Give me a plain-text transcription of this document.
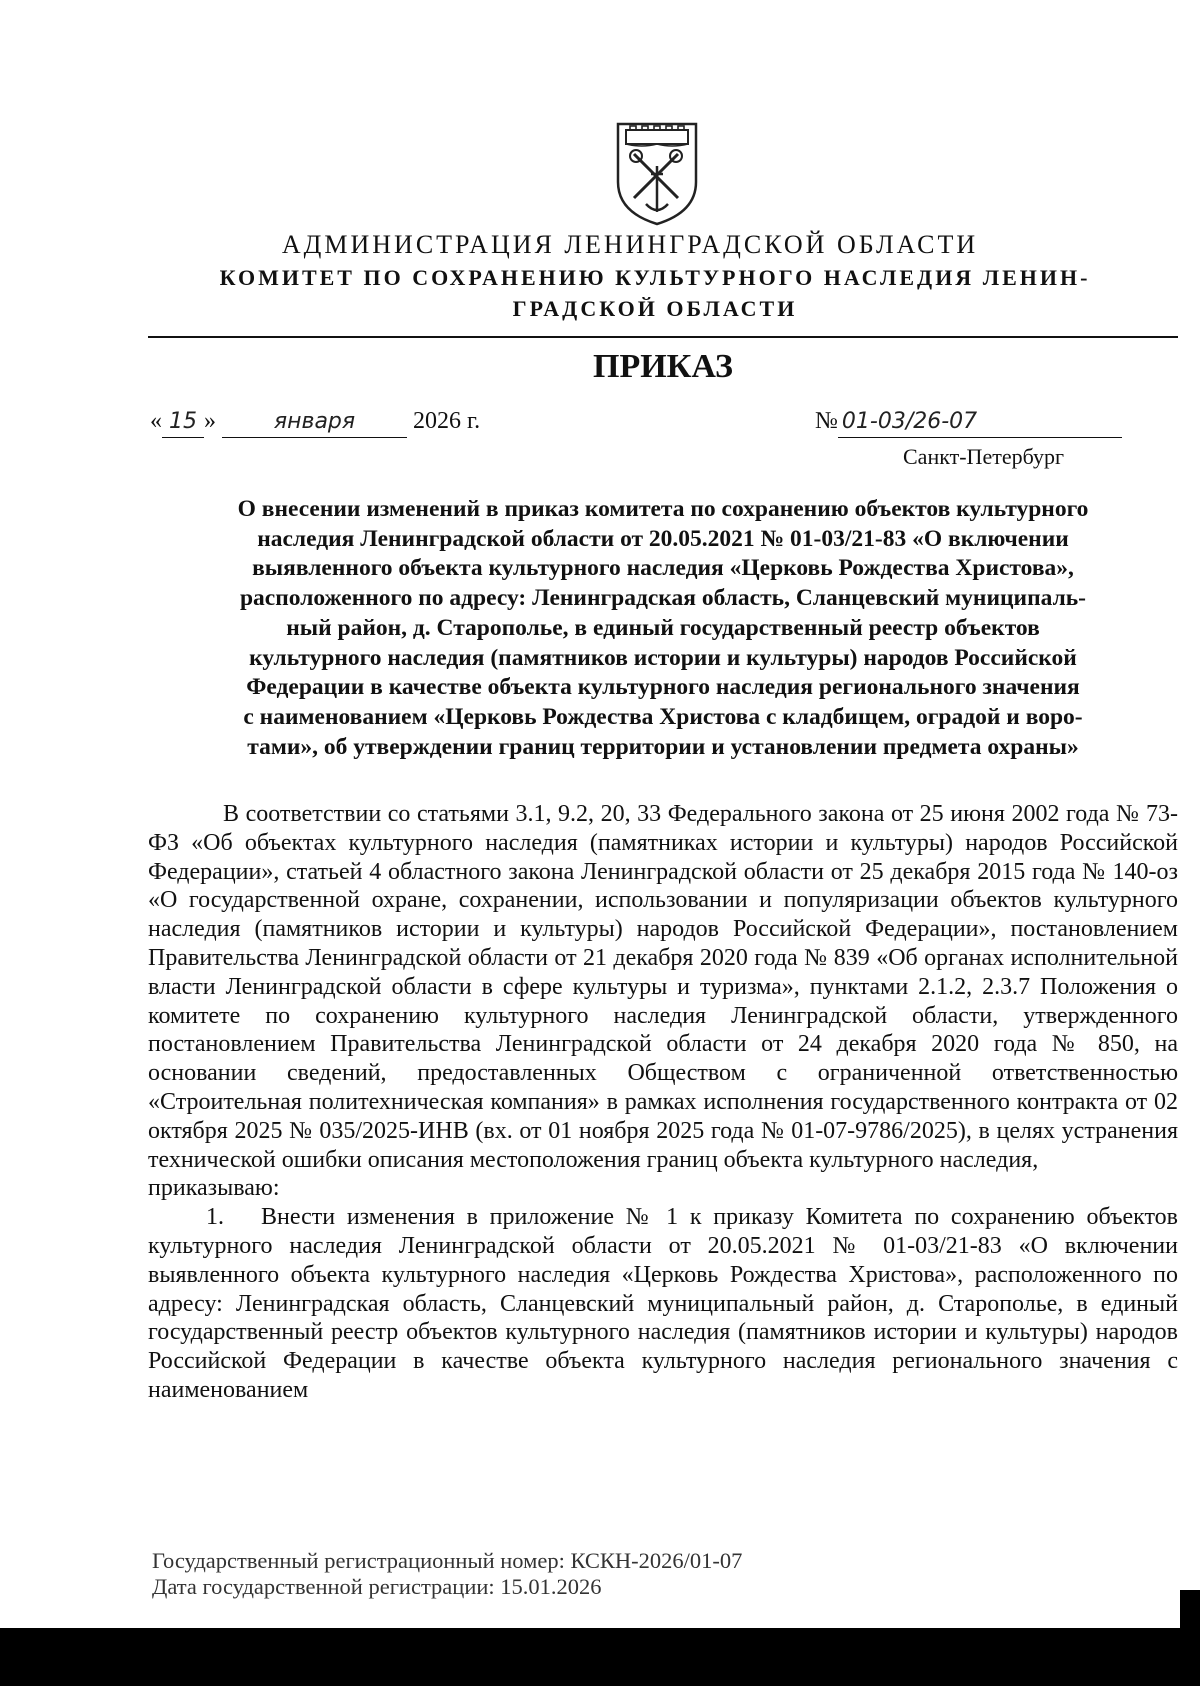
АДМИНИСТРАЦИЯ ЛЕНИНГРАДСКОЙ ОБЛАСТИ
КОМИТЕТ ПО СОХРАНЕНИЮ КУЛЬТУРНОГО НАСЛЕДИЯ ЛЕНИН-
ГРАДСКОЙ ОБЛАСТИ
ПРИКАЗ
« 15 »	января 2026 г.	№ 01-03/26-07
Санкт-Петербург
О внесении изменений в приказ комитета по сохранению объектов культурного
наследия Ленинградской области от 20.05.2021 № 01-03/21-83 «О включении
выявленного объекта культурного наследия «Церковь Рождества Христова»,
расположенного по адресу: Ленинградская область, Сланцевский муниципаль-
ный район, д. Старополье, в единый государственный реестр объектов
культурного наследия (памятников истории и культуры) народов Российской
Федерации в качестве объекта культурного наследия регионального значения
с наименованием «Церковь Рождества Христова с кладбищем, оградой и воро-
тами», об утверждении границ территории и установлении предмета охраны»

В соответствии со статьями 3.1, 9.2, 20, 33 Федерального закона от 25 июня 2002 года № 73-ФЗ «Об объектах культурного наследия (памятниках истории и культуры) народов Российской Федерации», статьей 4 областного закона Ленинградской области от 25 декабря 2015 года № 140-оз «О государственной охране, сохранении, использовании и популяризации объектов культурного наследия (памятников истории и культуры) народов Российской Федерации», постановлением Правительства Ленинградской области от 21 декабря 2020 года № 839 «Об органах исполнительной власти Ленинградской области в сфере культуры и туризма», пунктами 2.1.2, 2.3.7 Положения о комитете по сохранению культурного наследия Ленинградской области, утвержденного постановлением Правительства Ленинградской области от 24 декабря 2020 года № 850, на основании сведений, предоставленных Обществом с ограниченной ответственностью «Строительная политехническая компания» в рамках исполнения государственного контракта от 02 октября 2025 № 035/2025-ИНВ (вх. от 01 ноября 2025 года № 01-07-9786/2025), в целях устранения технической ошибки описания местоположения границ объекта культурного наследия,

приказываю:

1. Внести изменения в приложение № 1 к приказу Комитета по сохранению объектов культурного наследия Ленинградской области от 20.05.2021 № 01-03/21-83 «О включении выявленного объекта культурного наследия «Церковь Рождества Христова», расположенного по адресу: Ленинградская область, Сланцевский муниципальный район, д. Старополье, в единый государственный реестр объектов культурного наследия (памятников истории и культуры) народов Российской Федерации в качестве объекта культурного наследия регионального значения с наименованием

Государственный регистрационный номер: КСКН-2026/01-07
Дата государственной регистрации: 15.01.2026
